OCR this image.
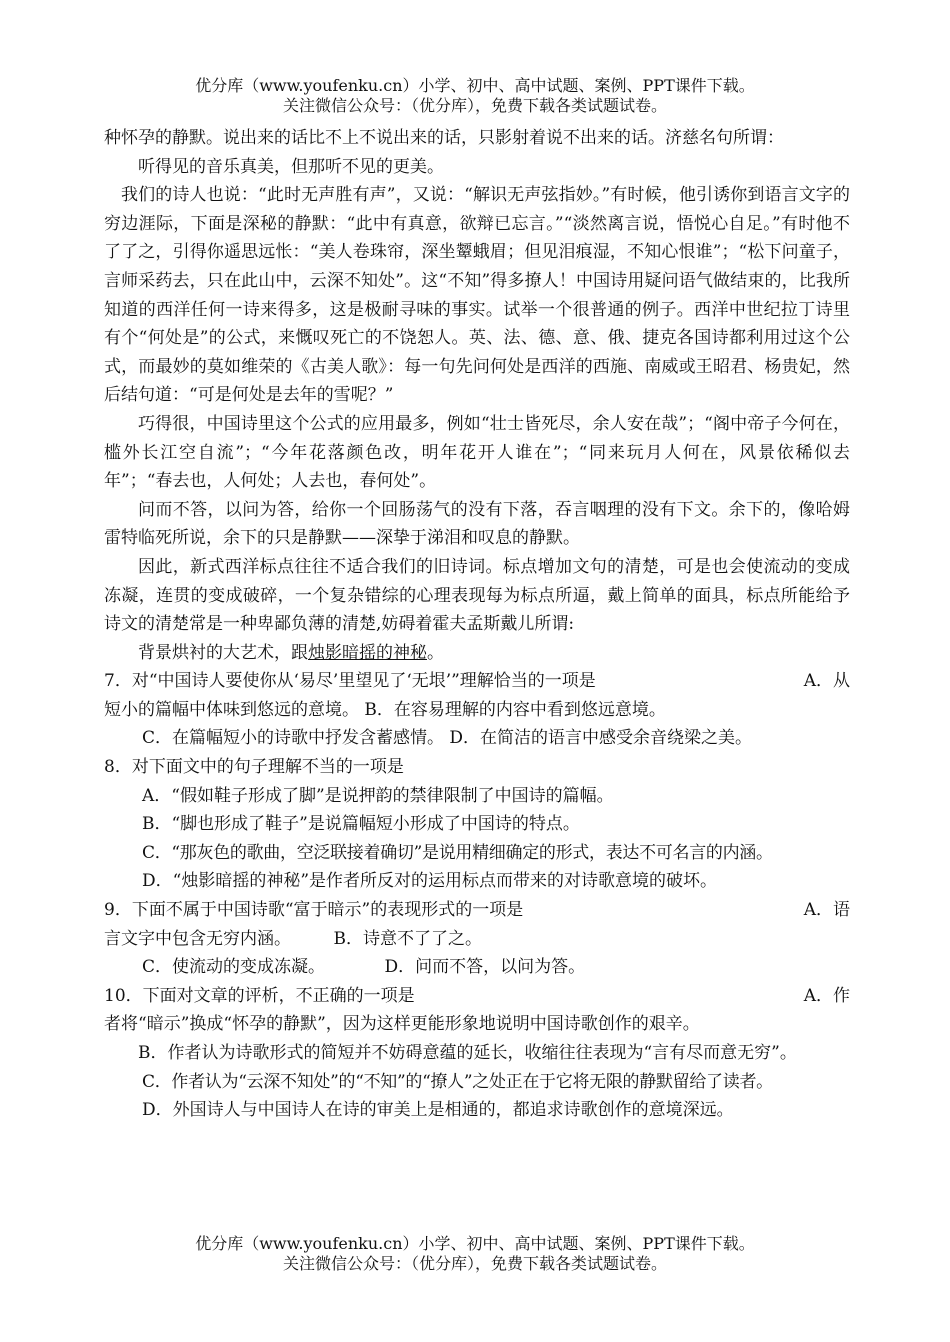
优分库（www.youfenku.cn）小学、初中、高中试题、案例、PPT课件下载。
关注微信公众号：（优分库），免费下载各类试题试卷。

种怀孕的静默。说出来的话比不上不说出来的话，只影射着说不出来的话。济慈名句所谓：

听得见的音乐真美，但那听不见的更美。

我们的诗人也说：“此时无声胜有声”，又说：“解识无声弦指妙。”有时候，他引诱你到语言文字的穷边涯际，下面是深秘的静默：“此中有真意，欲辩已忘言。”“淡然离言说，悟悦心自足。”有时他不了了之，引得你遥思远怅：“美人卷珠帘，深坐颦蛾眉；但见泪痕湿，不知心恨谁”；“松下问童子，言师采药去，只在此山中，云深不知处”。这“不知”得多撩人！中国诗用疑问语气做结束的，比我所知道的西洋任何一诗来得多，这是极耐寻味的事实。试举一个很普通的例子。西洋中世纪拉丁诗里有个“何处是”的公式，来慨叹死亡的不饶恕人。英、法、德、意、俄、捷克各国诗都利用过这个公式，而最妙的莫如维荣的《古美人歌》：每一句先问何处是西洋的西施、南威或王昭君、杨贵妃，然后结句道：“可是何处是去年的雪呢？”

巧得很，中国诗里这个公式的应用最多，例如“壮士皆死尽，余人安在哉”；“阁中帝子今何在，槛外长江空自流”；“今年花落颜色改，明年花开人谁在”；“同来玩月人何在，风景依稀似去年”；“春去也，人何处；人去也，春何处”。

问而不答，以问为答，给你一个回肠荡气的没有下落，吞言咽理的没有下文。余下的，像哈姆雷特临死所说，余下的只是静默——深挚于涕泪和叹息的静默。

因此，新式西洋标点往往不适合我们的旧诗词。标点增加文句的清楚，可是也会使流动的变成冻凝，连贯的变成破碎，一个复杂错综的心理表现每为标点所逼，戴上简单的面具，标点所能给予诗文的清楚常是一种卑鄙负薄的清楚,妨碍着霍夫孟斯戴儿所谓:

背景烘衬的大艺术，跟烛影暗摇的神秘。

A．从
7．对“中国诗人要使你从‘易尽’里望见了‘无垠’”理解恰当的一项是

短小的篇幅中体味到悠远的意境。 B．在容易理解的内容中看到悠远意境。

C．在篇幅短小的诗歌中抒发含蓄感情。 D．在简洁的语言中感受余音绕梁之美。

8．对下面文中的句子理解不当的一项是

A．“假如鞋子形成了脚”是说押韵的禁律限制了中国诗的篇幅。

B．“脚也形成了鞋子”是说篇幅短小形成了中国诗的特点。

C．“那灰色的歌曲，空泛联接着确切”是说用精细确定的形式，表达不可名言的内涵。

D．“烛影暗摇的神秘”是作者所反对的运用标点而带来的对诗歌意境的破坏。

A．语
9．下面不属于中国诗歌“富于暗示”的表现形式的一项是

言文字中包含无穷内涵。　　　B．诗意不了了之。

C．使流动的变成冻凝。　　　　D．问而不答，以问为答。

A．作
10．下面对文章的评析，不正确的一项是

者将“暗示”换成“怀孕的静默”，因为这样更能形象地说明中国诗歌创作的艰辛。

B．作者认为诗歌形式的简短并不妨碍意蕴的延长，收缩往往表现为“言有尽而意无穷”。

C．作者认为“云深不知处”的“不知”的“撩人”之处正在于它将无限的静默留给了读者。

D．外国诗人与中国诗人在诗的审美上是相通的，都追求诗歌创作的意境深远。

优分库（www.youfenku.cn）小学、初中、高中试题、案例、PPT课件下载。
关注微信公众号：（优分库），免费下载各类试题试卷。
